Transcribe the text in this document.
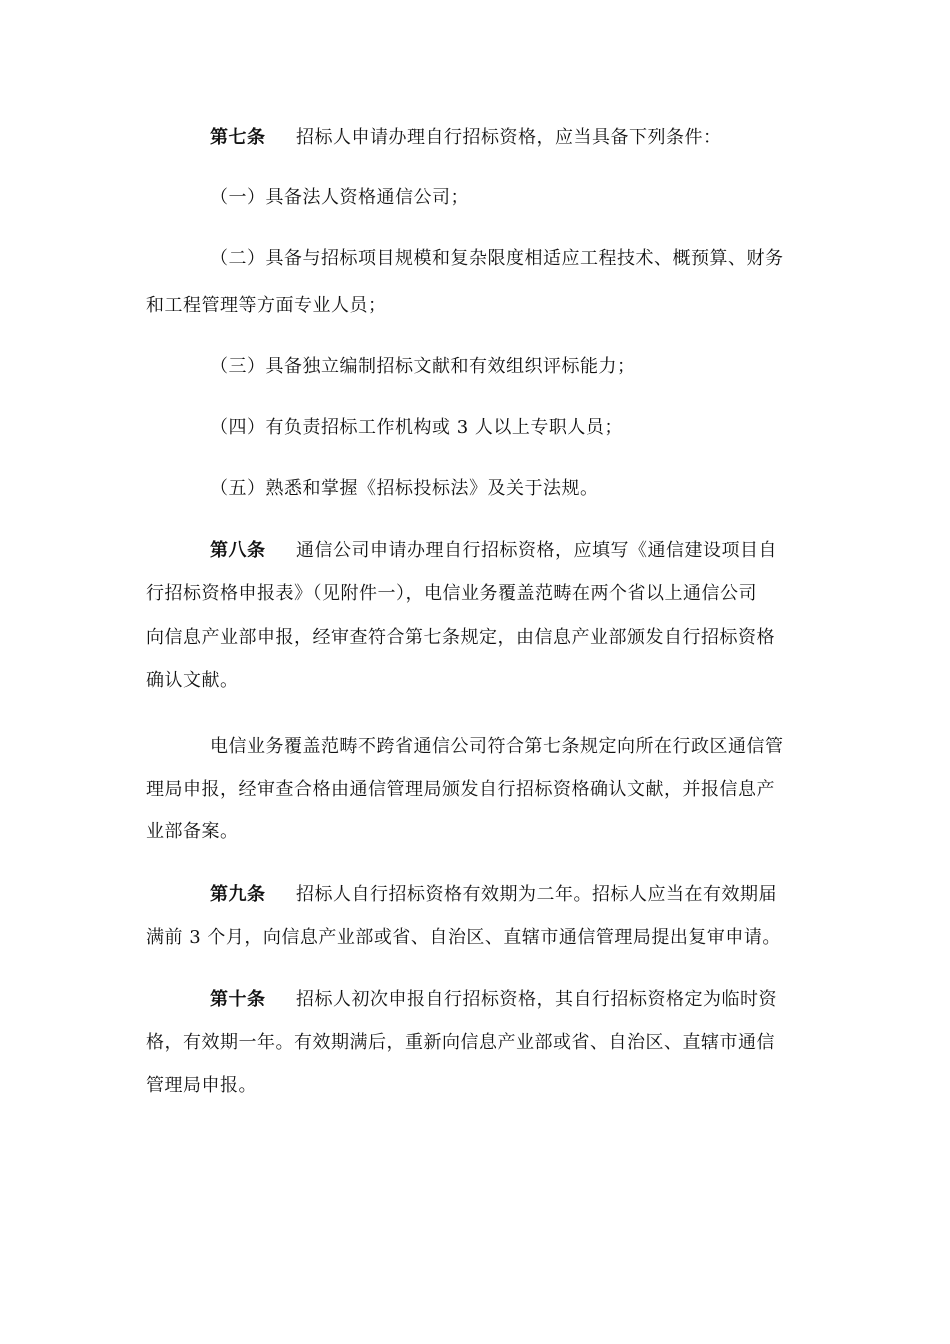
第七条 招标人申请办理自行招标资格，应当具备下列条件：
（一）具备法人资格通信公司；
（二）具备与招标项目规模和复杂限度相适应工程技术、概预算、财务
和工程管理等方面专业人员；
（三）具备独立编制招标文献和有效组织评标能力；
（四）有负责招标工作机构或 3 人以上专职人员；
（五）熟悉和掌握《招标投标法》及关于法规。
第八条 通信公司申请办理自行招标资格，应填写《通信建设项目自
行招标资格申报表》（见附件一），电信业务覆盖范畴在两个省以上通信公司
向信息产业部申报，经审查符合第七条规定，由信息产业部颁发自行招标资格
确认文献。
电信业务覆盖范畴不跨省通信公司符合第七条规定向所在行政区通信管
理局申报，经审查合格由通信管理局颁发自行招标资格确认文献，并报信息产
业部备案。
第九条 招标人自行招标资格有效期为二年。招标人应当在有效期届
满前 3 个月，向信息产业部或省、自治区、直辖市通信管理局提出复审申请。
第十条 招标人初次申报自行招标资格，其自行招标资格定为临时资
格，有效期一年。有效期满后，重新向信息产业部或省、自治区、直辖市通信
管理局申报。
